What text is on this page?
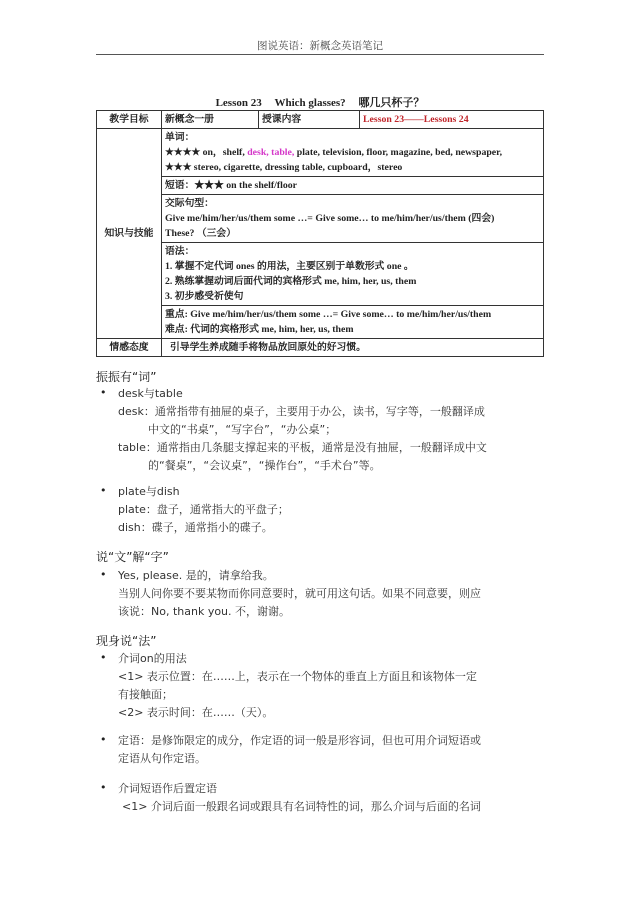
图说英语：新概念英语笔记
Lesson 23 Which glasses? 哪几只杯子？
教学目标	新概念一册	授课内容	Lesson 23——Lessons 24
知识与技能	单词：
★★★★ on，shelf, desk, table, plate, television, floor, magazine, bed, newspaper,
★★★ stereo, cigarette, dressing table, cupboard，stereo		

	短语：★★★ on the shelf/floor		

	交际句型：
Give me/him/her/us/them some …= Give some… to me/him/her/us/them (四会)
These? （三会）		

	语法：
1. 掌握不定代词 ones 的用法，主要区别于单数形式 one 。
2. 熟练掌握动词后面代词的宾格形式 me, him, her, us, them
3. 初步感受祈使句		

	重点: Give me/him/her/us/them some …= Give some… to me/him/her/us/them
难点: 代词的宾格形式 me, him, her, us, them		

情感态度	引导学生养成随手将物品放回原处的好习惯。		
振振有“词”
• desk与table
desk：通常指带有抽屉的桌子，主要用于办公，读书，写字等，一般翻译成
中文的“书桌”，“写字台”，“办公桌”；
table：通常指由几条腿支撑起来的平板，通常是没有抽屉，一般翻译成中文
的“餐桌”，“会议桌”，“操作台”，“手术台”等。
• plate与dish
plate：盘子，通常指大的平盘子；
dish：碟子，通常指小的碟子。
说“文”解“字”
• Yes, please. 是的，请拿给我。
当别人问你要不要某物而你同意要时，就可用这句话。如果不同意要，则应
该说：No, thank you. 不，谢谢。
现身说“法”
• 介词on的用法
<1> 表示位置：在……上，表示在一个物体的垂直上方面且和该物体一定
有接触面；
<2> 表示时间：在……（天）。
• 定语：是修饰限定的成分，作定语的词一般是形容词，但也可用介词短语或
定语从句作定语。
• 介词短语作后置定语
<1> 介词后面一般跟名词或跟具有名词特性的词，那么介词与后面的名词
